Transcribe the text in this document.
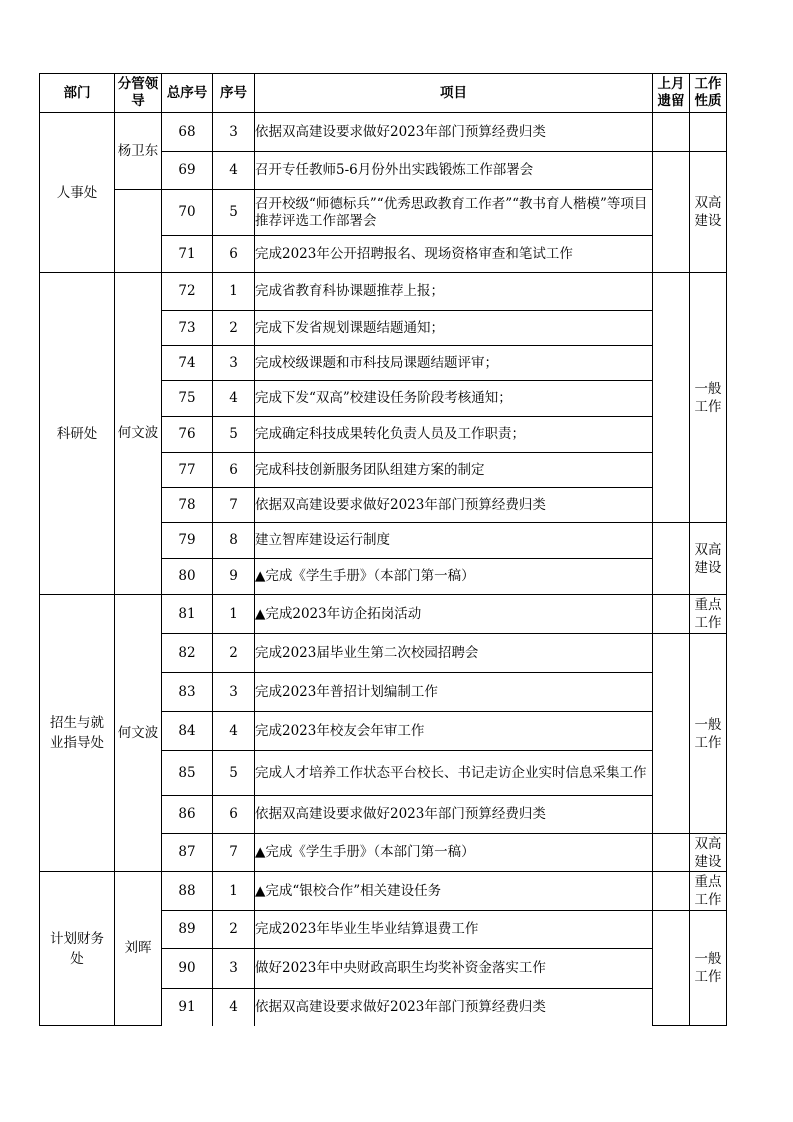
部门	分管领导	总序号	序号	项目	上月遗留	工作性质
人事处	杨卫东	68	3	依据双高建设要求做好2023年部门预算经费归类		
		69	4	召开专任教师5-6月份外出实践锻炼工作部署会		双高建设
		70	5	召开校级“师德标兵”“优秀思政教育工作者”“教书育人楷模”等项目推荐评选工作部署会		
		71	6	完成2023年公开招聘报名、现场资格审查和笔试工作		
科研处	何文波	72	1	完成省教育科协课题推荐上报；		一般工作
		73	2	完成下发省规划课题结题通知；		
		74	3	完成校级课题和市科技局课题结题评审；		
		75	4	完成下发“双高”校建设任务阶段考核通知；		
		76	5	完成确定科技成果转化负责人员及工作职责；		
		77	6	完成科技创新服务团队组建方案的制定		
		78	7	依据双高建设要求做好2023年部门预算经费归类		
		79	8	建立智库建设运行制度		双高建设
		80	9	▲完成《学生手册》（本部门第一稿）		
招生与就业指导处	何文波	81	1	▲完成2023年访企拓岗活动		重点工作
		82	2	完成2023届毕业生第二次校园招聘会		一般工作
		83	3	完成2023年普招计划编制工作		
		84	4	完成2023年校友会年审工作		
		85	5	完成人才培养工作状态平台校长、书记走访企业实时信息采集工作		
		86	6	依据双高建设要求做好2023年部门预算经费归类		
		87	7	▲完成《学生手册》（本部门第一稿）		双高建设
计划财务处	刘晖	88	1	▲完成“银校合作”相关建设任务		重点工作
		89	2	完成2023年毕业生毕业结算退费工作		一般工作
		90	3	做好2023年中央财政高职生均奖补资金落实工作		
		91	4	依据双高建设要求做好2023年部门预算经费归类		
